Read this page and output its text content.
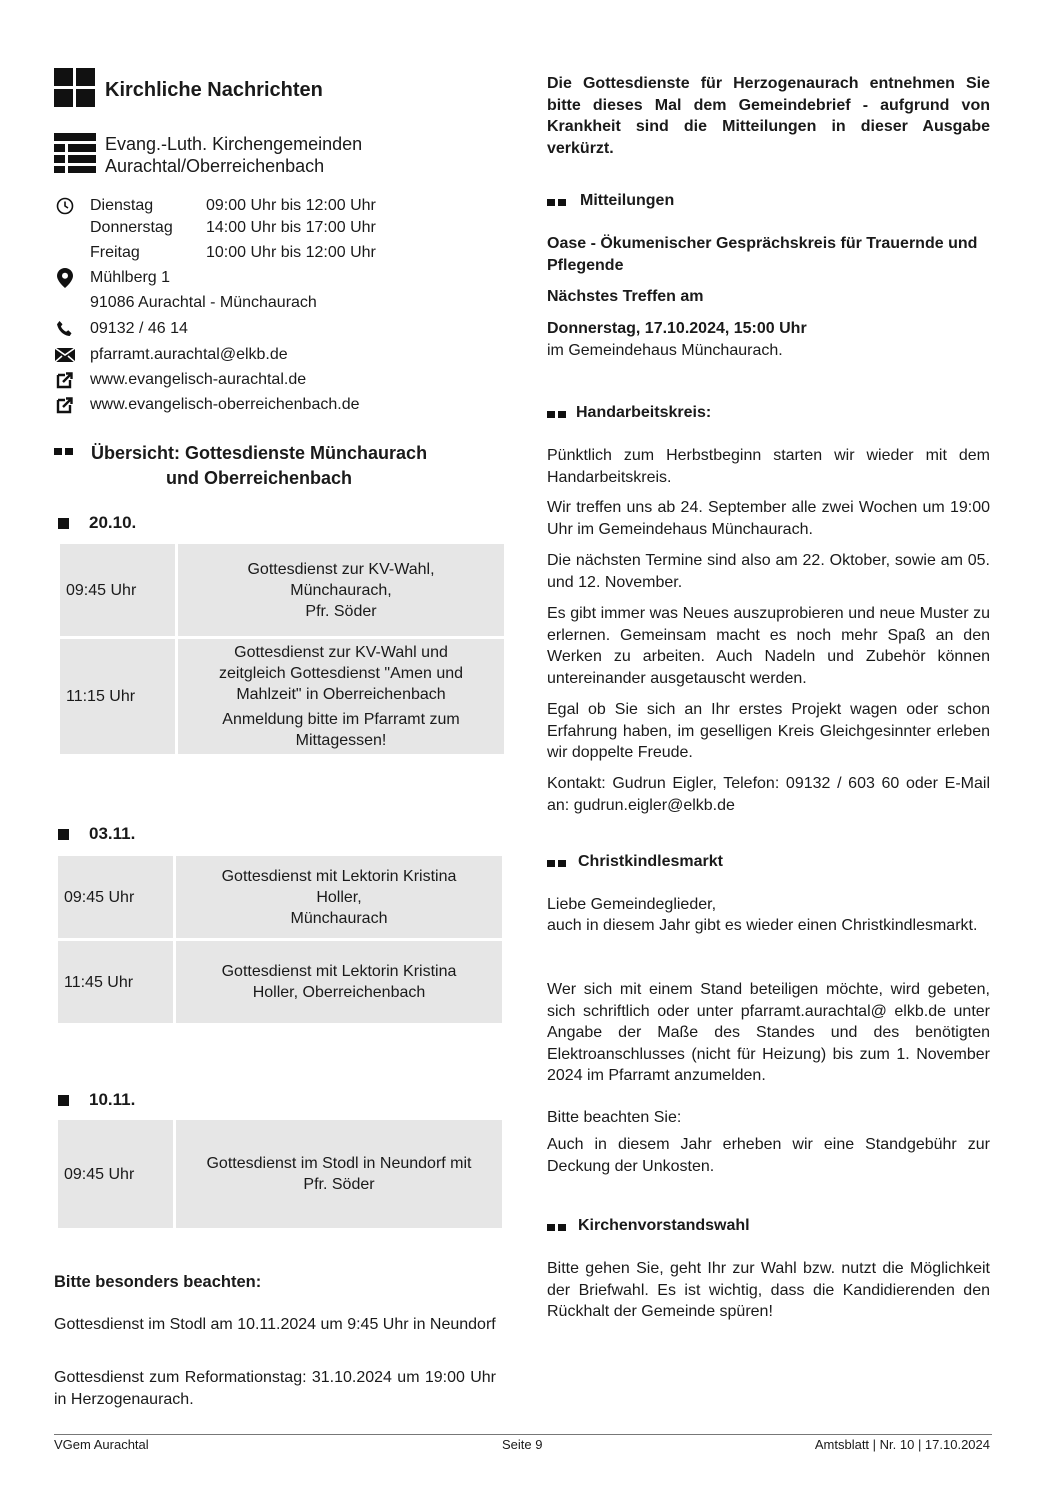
Kirchliche Nachrichten
Evang.-Luth. Kirchengemeinden
Aurachtal/Oberreichenbach
Dienstag	09:00 Uhr bis 12:00 Uhr
Donnerstag 14:00 Uhr bis 17:00 Uhr
Freitag	10:00 Uhr bis 12:00 Uhr
Mühlberg 1
91086 Aurachtal - Münchaurach
09132 / 46 14
pfarramt.aurachtal@elkb.de
www.evangelisch-aurachtal.de
www.evangelisch-oberreichenbach.de
Übersicht: Gottesdienste Münchaurach
und Oberreichenbach
20.10.
09:45 Uhr	Gottesdienst zur KV-Wahl,
Münchaurach,
Pfr. Söder

11:15 Uhr	Gottesdienst zur KV-Wahl und
zeitgleich Gottesdienst "Amen und
Mahlzeit" in Oberreichenbach
Anmeldung bitte im Pfarramt zum
Mittagessen!
03.11.
09:45 Uhr	Gottesdienst mit Lektorin Kristina
Holler,
Münchaurach

11:45 Uhr	Gottesdienst mit Lektorin Kristina
Holler, Oberreichenbach
10.11.
09:45 Uhr	
Gottesdienst im Stodl in Neundorf mit
Pfr. Söder
Bitte besonders beachten:
Gottesdienst im Stodl am 10.11.2024 um 9:45 Uhr in Neundorf
Gottesdienst zum Reformationstag: 31.10.2024 um 19:00 Uhr in Herzogenaurach.
Die Gottesdienste für Herzogenaurach entnehmen Sie bitte dieses Mal dem Gemeindebrief - aufgrund von Krankheit sind die Mitteilungen in dieser Ausgabe verkürzt.
Mitteilungen
Oase - Ökumenischer Gesprächskreis für Trauernde und Pflegende
Nächstes Treffen am
Donnerstag, 17.10.2024, 15:00 Uhr
im Gemeindehaus Münchaurach.
Handarbeitskreis:
Pünktlich zum Herbstbeginn starten wir wieder mit dem Handarbeitskreis.
Wir treffen uns ab 24. September alle zwei Wochen um 19:00 Uhr im Gemeindehaus Münchaurach.
Die nächsten Termine sind also am 22. Oktober, sowie am 05. und 12. November.
Es gibt immer was Neues auszuprobieren und neue Muster zu erlernen. Gemeinsam macht es noch mehr Spaß an den Werken zu arbeiten. Auch Nadeln und Zubehör können untereinander ausgetauscht werden.
Egal ob Sie sich an Ihr erstes Projekt wagen oder schon Erfahrung haben, im geselligen Kreis Gleichgesinnter erleben wir doppelte Freude.
Kontakt: Gudrun Eigler, Telefon: 09132 / 603 60 oder E-Mail an: gudrun.eigler@elkb.de
Christkindlesmarkt
Liebe Gemeindeglieder,
auch in diesem Jahr gibt es wieder einen Christkindlesmarkt.
Wer sich mit einem Stand beteiligen möchte, wird gebeten, sich schriftlich oder unter pfarramt.aurachtal@ elkb.de unter Angabe der Maße des Standes und des benötigten Elektroanschlusses (nicht für Heizung) bis zum 1. November 2024 im Pfarramt anzumelden.
Bitte beachten Sie:
Auch in diesem Jahr erheben wir eine Standgebühr zur Deckung der Unkosten.
Kirchenvorstandswahl
Bitte gehen Sie, geht Ihr zur Wahl bzw. nutzt die Möglichkeit der Briefwahl. Es ist wichtig, dass die Kandidierenden den Rückhalt der Gemeinde spüren!
VGem Aurachtal	Seite 9	Amtsblatt | Nr. 10 | 17.10.2024
